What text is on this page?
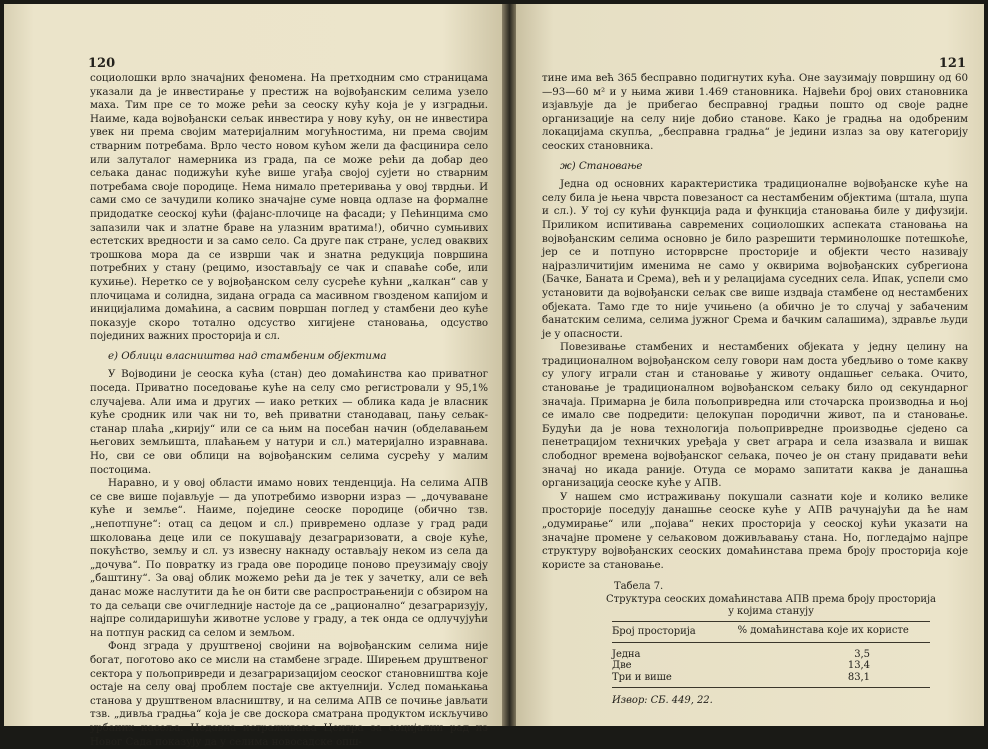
120

социолошки врло значајних феномена. На претходним смо страницама указали да је инвестирање у престиж на војвођанским селима узело маха. Тим пре се то може рећи за сеоску кућу која је у изградњи. Наиме, када војвођански сељак инвестира у нову кућу, он не инвестира увек ни према својим материјалним могућностима, ни према својим стварним потребама. Врло често новом кућом жели да фасцинира село или залуталог намерника из града, па се може рећи да добар део сељака данас подижући куће више угађа својој сујети но стварним потребама своје породице. Нема нимало претеривања у овој тврдњи. И сами смо се зачудили колико значајне суме новца одлазе на формалне придодатке сеоској кући (фајанс-плочице на фасади; у Пећинцима смо запазили чак и златне браве на улазним вратима!), обично сумњивих естетских вредности и за само село. Са друге пак стране, услед оваквих трошкова мора да се изврши чак и знатна редукција површина потребних у стану (рецимо, изостављају се чак и спаваће собе, или кухиње). Нерeтко се у војвођанском селу сусреће кућни „калкан“ сав у плочицама и солидна, зидана ограда са масивном гвозденом капијом и иницијалима домаћина, а сасвим површан поглед у стамбени део куће показује скоро тотално одсуство хигијене становања, одсуство појединих важних просторија и сл.

е) Облици власништва над стамбеним објектима

У Војводини је сеоска кућа (стан) део домаћинства као приватног поседа. Приватно поседовање куће на селу смо регистровали у 95,1% случајева. Али има и других — иако ретких — облика када је власник куће сродник или чак ни то, већ приватни станодавац, пању сељак-станар плаћа „кирију“ или се са њим на посебан начин (обделавањем његових земљишта, плаћањем у натури и сл.) материјално изравнава. Но, сви се ови облици на војвођанским селима сусрећу у малим постоцима.

Наравно, и у овој области имамо нових тенденција. На селима АПВ се све више појављује — да употребимо изворни израз — „дочуваване куће и земље“. Наиме, поједине сеоске породице (обично тзв. „непотпуне“: отац са децом и сл.) привремено одлазе у град ради школовања деце или се покушавају дезаграризовати, а своје куће, покућство, земљу и сл. уз извесну накнаду остављају неком из села да „дочува“. По повратку из града ове породице поново преузимају своју „баштину“. За овај облик можемо рећи да је тек у зачетку, али се већ данас може наслутити да ће он бити све распрострањенији с обзиром на то да сељаци све очигледније настоје да се „рационално“ дезаграризују, најпре солидаришући животне услове у граду, а тек онда се одлучујући на потпун раскид са селом и земљом.

Фонд зграда у друштвеној својини на војвођанским селима није богат, поготово ако се мисли на стамбене зграде. Ширењем друштвеног сектора у пољопривреди и дезаграризацијом сеоског становништва које остаје на селу овај проблем постаје све актуелнији. Услед помањкања станова у друштвеном власништву, и на селима АПВ се почиње јављати тзв. „дивља градња“ која је све доскора сматрана продуктом искључиво урбаних насеља. Недавна истраживања Центра за социјални рад из Новог Сада показују да у селима новосадске опш-

121

тине има већ 365 бесправно подигнутих кућа. Оне заузимају површину од 60—93—60 м² и у њима живи 1.469 становника. Највећи број ових становника изјављује да је прибегао бесправној градњи пошто од своје радне организације на селу није добио станове. Како је градња на одобреним локацијама скупља, „бесправна градња“ је једини излаз за ову категорију сеоских становника.

ж) Становање

Једна од основних карактеристика традиционалне војвођанске куће на селу била је њена чврста повезаност са нестамбеним објектима (штала, шупа и сл.). У тој су кући функција рада и функција становања биле у дифузији. Приликом испитивања савремених социолошких аспеката становања на војвођанским селима основно је било разрешити терминолошке потешкоће, јер се и потпуно исторврсне просторије и објекти често називају најразличитијим именима не само у оквирима војвођанских субрегиона (Бачке, Баната и Срема), већ и у релацијама суседних села. Ипак, успели смо установити да војвођански сељак све више издваја стамбене од нестамбених објеката. Тамо где то није учињено (а обично је то случај у забаченим банатским селима, селима јужног Срема и бачким салашима), здравље људи је у опасности.

Повезивање стамбених и нестамбених објеката у једну целину на традиционалном војвођанском селу говори нам доста убедљиво о томе какву су улогу играли стан и становање у животу ондашњег сељака. Очито, становање је традиционалном војвођанском сељаку било од секундарног значаја. Примарна је била пољопривредна или сточарска производња и њој се имало све подредити: целокупан породични живот, па и становање. Будући да је нова технологија пољопривредне производње сједено са пенетрацијом техничких уређаја у свет аграра и села изазвала и вишак слободног времена војвођанског сељака, почео је он стану придавати већи значај но икада раније. Отуда се морамо запитати каква је данашња организација сеоске куће у АПВ.

У нашем смо истраживању покушали сазнати које и колико велике просторије поседују данашње сеоске куће у АПВ рачунајући да ће нам „одумирање“ или „појава“ неких просторија у сеоској кући указати на значајне промене у сељаковом доживљавању стана. Но, погледајмо најпре структуру војвођанских сеоских домаћинстава према броју просторија које користе за становање.

Табела 7.
Структура сеоских домаћинстава АПВ према броју просторија у којима станују
Број просторија	% домаћинстава које их користе
Једна	3,5
Две	13,4
Три и више	83,1
Извор: СБ. 449, 22.
